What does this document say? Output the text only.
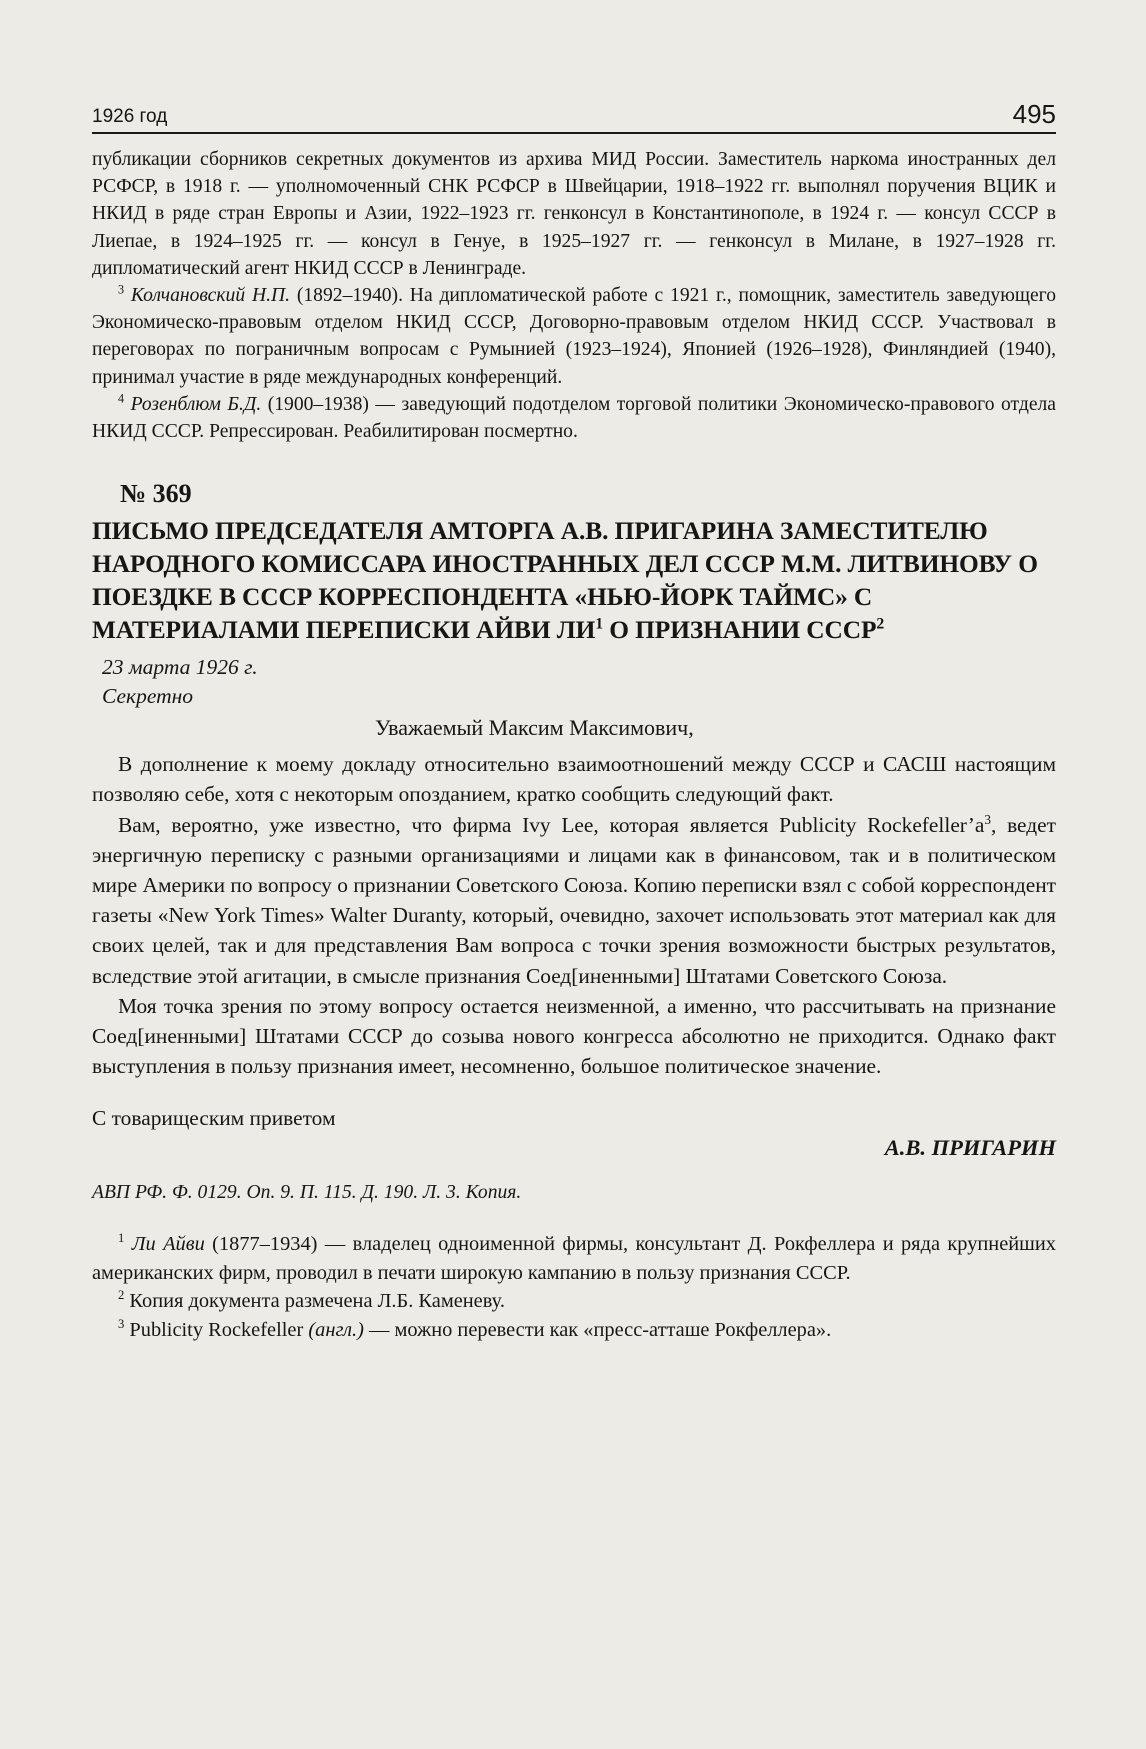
1926 год	495

публикации сборников секретных документов из архива МИД России. Заместитель наркома иностранных дел РСФСР, в 1918 г. — уполномоченный СНК РСФСР в Швейцарии, 1918–1922 гг. выполнял поручения ВЦИК и НКИД в ряде стран Европы и Азии, 1922–1923 гг. генконсул в Константинополе, в 1924 г. — консул СССР в Лиепае, в 1924–1925 гг. — консул в Генуе, в 1925–1927 гг. — генконсул в Милане, в 1927–1928 гг. дипломатический агент НКИД СССР в Ленинграде.

$^3$ Колчановский Н.П. (1892–1940). На дипломатической работе с 1921 г., помощник, заместитель заведующего Экономическо-правовым отделом НКИД СССР, Договорно-правовым отделом НКИД СССР. Участвовал в переговорах по пограничным вопросам с Румынией (1923–1924), Японией (1926–1928), Финляндией (1940), принимал участие в ряде международных конференций.

$^4$ Розенблюм Б.Д. (1900–1938) — заведующий подотделом торговой политики Экономическо-правового отдела НКИД СССР. Репрессирован. Реабилитирован посмертно.

№ 369
ПИСЬМО ПРЕДСЕДАТЕЛЯ АМТОРГА А.В. ПРИГАРИНА ЗАМЕСТИТЕЛЮ НАРОДНОГО КОМИССАРА ИНОСТРАННЫХ ДЕЛ СССР М.М. ЛИТВИНОВУ О ПОЕЗДКЕ В СССР КОРРЕСПОНДЕНТА «НЬЮ-ЙОРК ТАЙМС» С МАТЕРИАЛАМИ ПЕРЕПИСКИ АЙВИ $ЛИ^1$ О ПРИЗНАНИИ СССР$^2$

23 марта 1926 г.

Секретно

Уважаемый Максим Максимович,

В дополнение к моему докладу относительно взаимоотношений между СССР и САСШ настоящим позволяю себе, хотя с некоторым опозданием, кратко сообщить следующий факт.

Вам, вероятно, уже известно, что фирма Ivy Lee, которая является Publicity $Rockefeller’a^3$, ведет энергичную переписку с разными организациями и лицами как в финансовом, так и в политическом мире Америки по вопросу о признании Советского Союза. Копию переписки взял с собой корреспондент газеты «New York Times» Walter Duranty, который, очевидно, захочет использовать этот материал как для своих целей, так и для представления Вам вопроса с точки зрения возможности быстрых результатов, вследствие этой агитации, в смысле признания Соед[иненными] Штатами Советского Союза.

Моя точка зрения по этому вопросу остается неизменной, а именно, что рассчитывать на признание Соед[иненными] Штатами СССР до созыва нового конгресса абсолютно не приходится. Однако факт выступления в пользу признания имеет, несомненно, большое политическое значение.

С товарищеским приветом
А.В. ПРИГАРИН

АВП РФ. Ф. 0129. Оп. 9. П. 115. Д. 190. Л. 3. Копия.

$^1$ Ли Айви (1877–1934) — владелец одноименной фирмы, консультант Д. Рокфеллера и ряда крупнейших американских фирм, проводил в печати широкую кампанию в пользу признания СССР.

$^2$ Копия документа размечена Л.Б. Каменеву.

$^3$ Publicity Rockefeller (англ.) — можно перевести как «пресс-атташе Рокфеллера».
